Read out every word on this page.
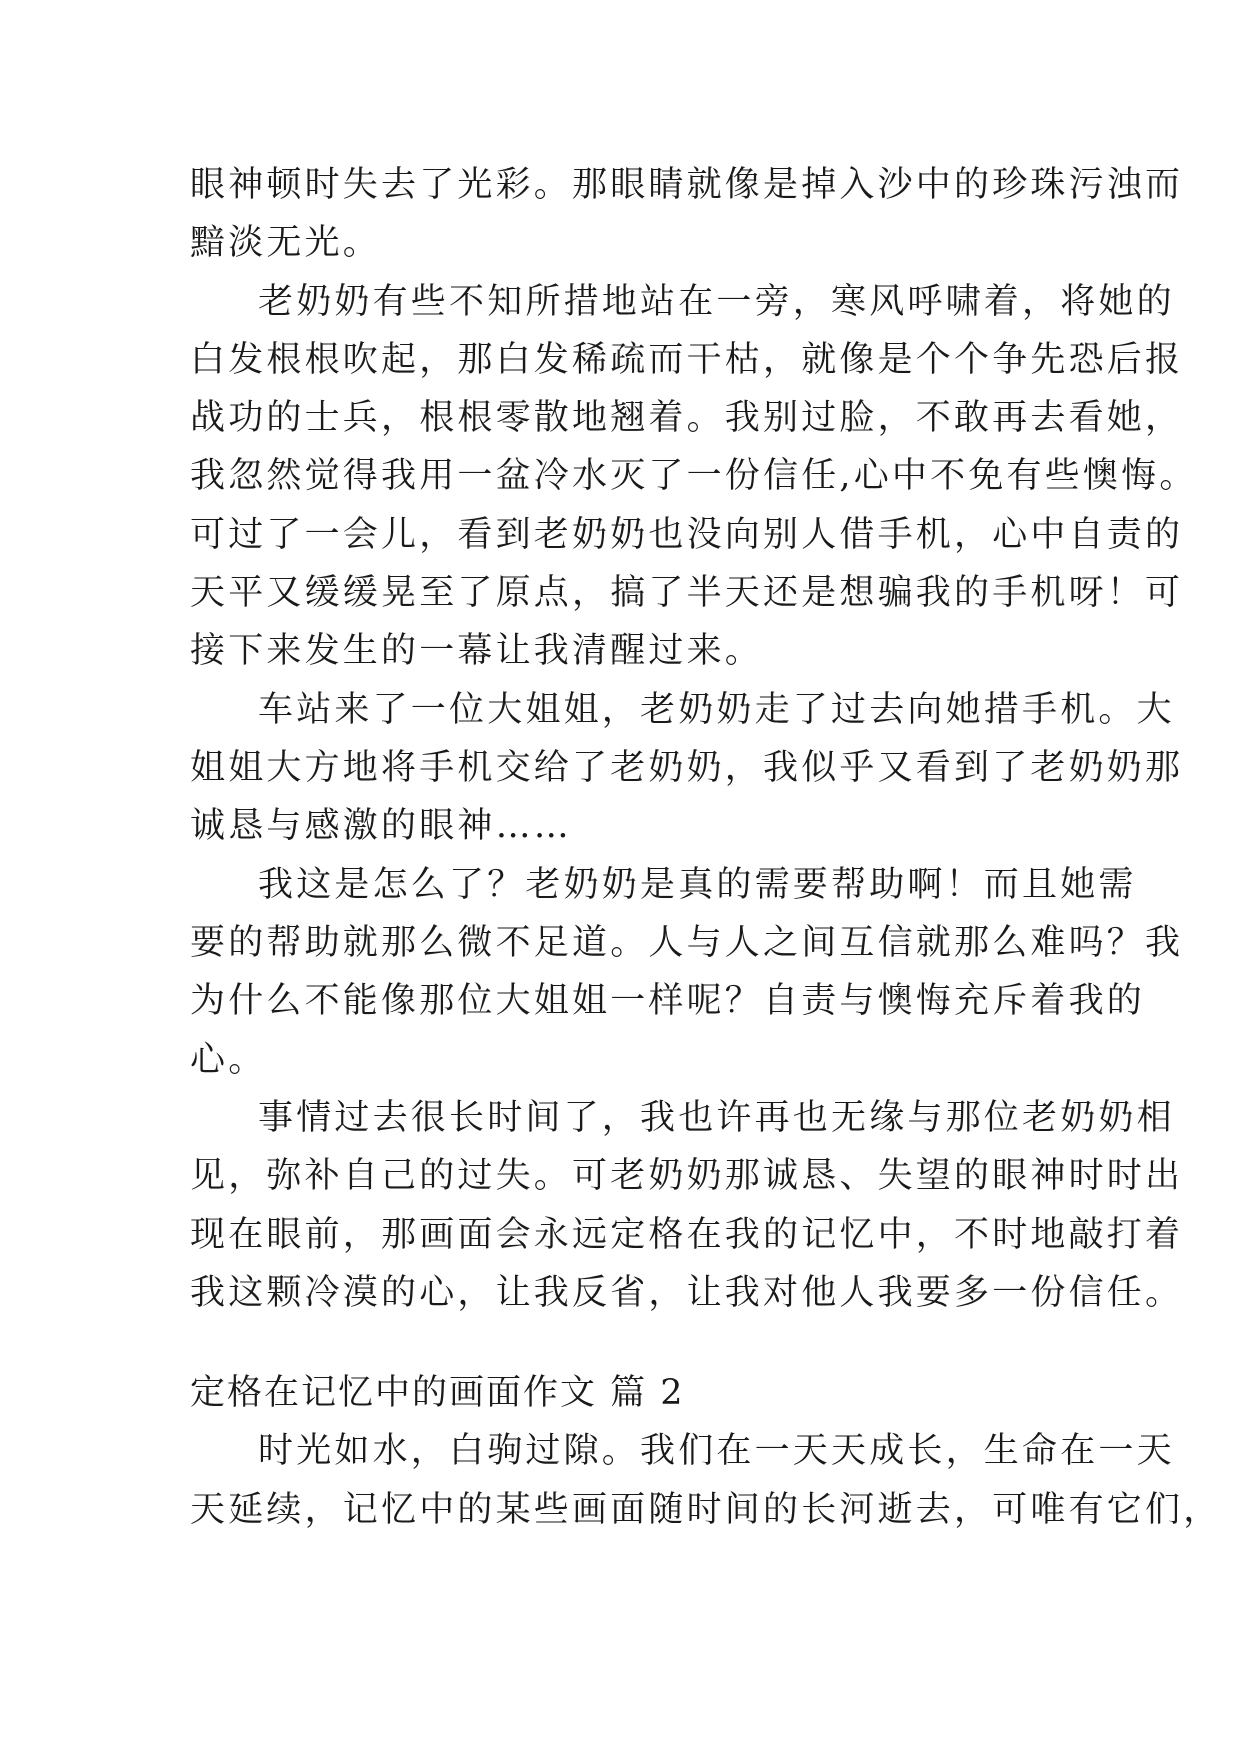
眼神顿时失去了光彩。那眼睛就像是掉入沙中的珍珠污浊而
黯淡无光。
老奶奶有些不知所措地站在一旁，寒风呼啸着，将她的
白发根根吹起，那白发稀疏而干枯，就像是个个争先恐后报
战功的士兵，根根零散地翘着。我别过脸，不敢再去看她，
我忽然觉得我用一盆冷水灭了一份信任,心中不免有些懊悔。
可过了一会儿，看到老奶奶也没向别人借手机，心中自责的
天平又缓缓晃至了原点，搞了半天还是想骗我的手机呀！可
接下来发生的一幕让我清醒过来。
车站来了一位大姐姐，老奶奶走了过去向她措手机。大
姐姐大方地将手机交给了老奶奶，我似乎又看到了老奶奶那
诚恳与感激的眼神……
我这是怎么了？老奶奶是真的需要帮助啊！而且她需
要的帮助就那么微不足道。人与人之间互信就那么难吗？我
为什么不能像那位大姐姐一样呢？自责与懊悔充斥着我的
心。
事情过去很长时间了，我也许再也无缘与那位老奶奶相
见，弥补自己的过失。可老奶奶那诚恳、失望的眼神时时出
现在眼前，那画面会永远定格在我的记忆中，不时地敲打着
我这颗冷漠的心，让我反省，让我对他人我要多一份信任。
定格在记忆中的画面作文 篇 2
时光如水，白驹过隙。我们在一天天成长，生命在一天
天延续，记忆中的某些画面随时间的长河逝去，可唯有它们，
